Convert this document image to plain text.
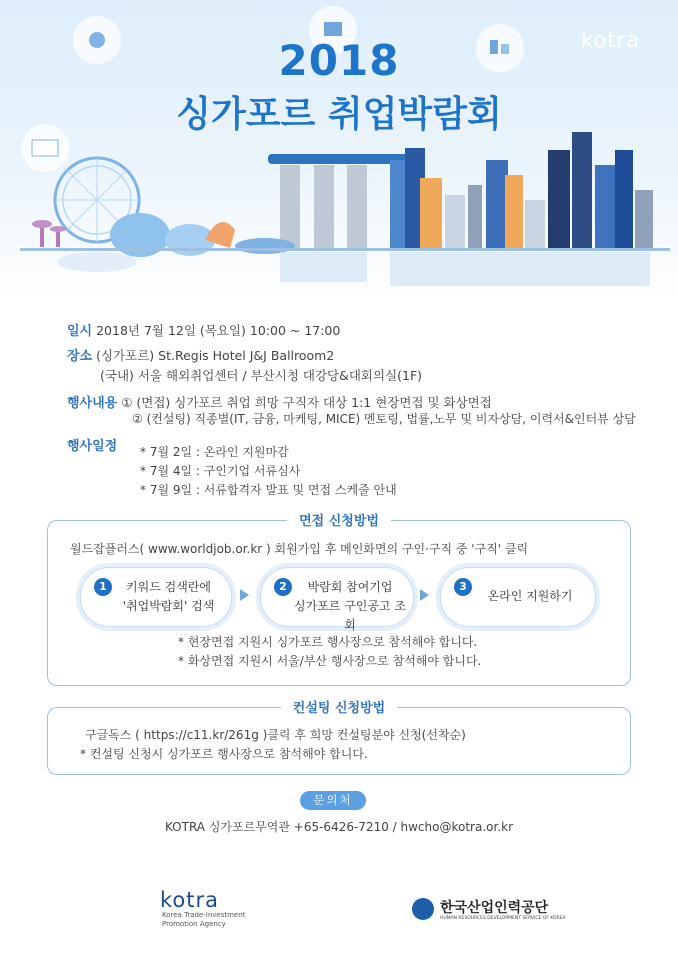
kotra
2018
싱가포르 취업박람회
일시 2018년 7월 12일 (목요일) 10:00 ~ 17:00
장소 (싱가포르) St.Regis Hotel J&J Ballroom2
(국내) 서울 해외취업센터 / 부산시청 대강당&대회의실(1F)
행사내용 ① (면접) 싱가포르 취업 희망 구직자 대상 1:1 현장면접 및 화상면접
② (컨설팅) 직종별(IT, 금융, 마케팅, MICE) 멘토링, 법률,노무 및 비자상담, 이력서&인터뷰 상담
행사일정 * 7월 2일 : 온라인 지원마감
* 7월 4일 : 구인기업 서류심사
* 7월 9일 : 서류합격자 발표 및 면접 스케줄 안내
면접 신청방법
월드잡플러스( www.worldjob.or.kr ) 회원가입 후 메인화면의 구인·구직 중 '구직' 클릭
1	키워드 검색란에
'취업박람회' 검색
2	박람회 참여기업
싱가포르 구인공고 조회
3
온라인 지원하기
* 현장면접 지원시 싱가포르 행사장으로 참석해야 합니다.
* 화상면접 지원시 서울/부산 행사장으로 참석해야 합니다.
컨설팅 신청방법
구글독스 ( https://c11.kr/261g )클릭 후 희망 컨설팅분야 신청(선착순)
* 컨설팅 신청시 싱가포르 행사장으로 참석해야 합니다.
문의처
KOTRA 싱가포르무역관 +65-6426-7210 / hwcho@kotra.or.kr
kotra
Korea Trade-Investment
Promotion Agency
한국산업인력공단
HUMAN RESOURCES DEVELOPMENT SERVICE OF KOREA
